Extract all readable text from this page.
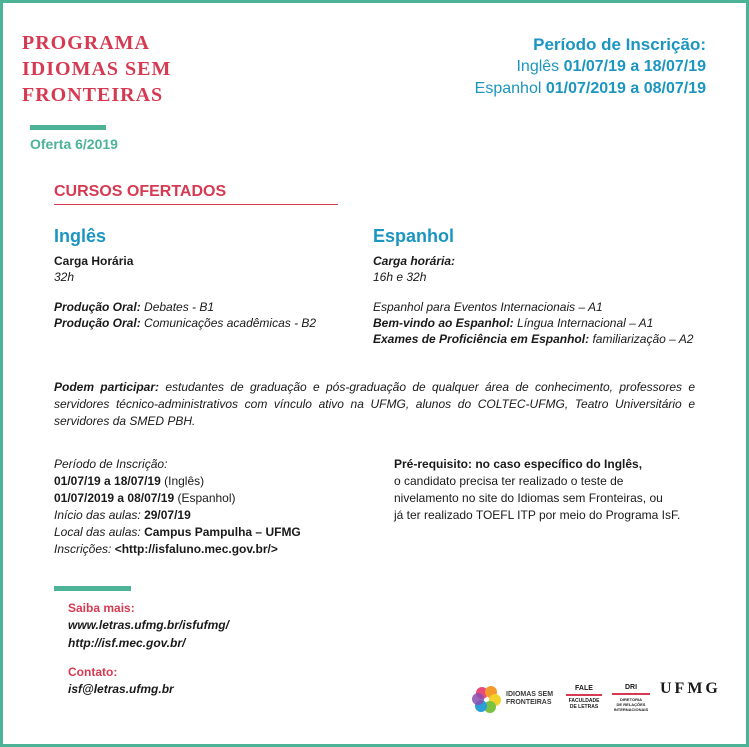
PROGRAMA
IDIOMAS SEM
FRONTEIRAS
Período de Inscrição:
Inglês 01/07/19 a 18/07/19
Espanhol 01/07/2019 a 08/07/19
Oferta 6/2019
CURSOS OFERTADOS
Inglês
Carga Horária
32h
Produção Oral: Debates - B1
Produção Oral: Comunicações acadêmicas - B2
Espanhol
Carga horária:
16h e 32h
Espanhol para Eventos Internacionais – A1
Bem-vindo ao Espanhol: Língua Internacional – A1
Exames de Proficiência em Espanhol: familiarização – A2
Podem participar: estudantes de graduação e pós-graduação de qualquer área de conhecimento, professores e servidores técnico-administrativos com vínculo ativo na UFMG, alunos do COLTEC-UFMG, Teatro Universitário e servidores da SMED PBH.
Período de Inscrição:
01/07/19 a 18/07/19 (Inglês)
01/07/2019 a 08/07/19 (Espanhol)
Início das aulas: 29/07/19
Local das aulas: Campus Pampulha – UFMG
Inscrições: <http://isfaluno.mec.gov.br/>
Pré-requisito: no caso específico do Inglês,
o candidato precisa ter realizado o teste de
nivelamento no site do Idiomas sem Fronteiras, ou
já ter realizado TOEFL ITP por meio do Programa IsF.
Saiba mais:
www.letras.ufmg.br/isfufmg/
http://isf.mec.gov.br/
Contato:
isf@letras.ufmg.br	IDIOMAS SEM
FRONTEIRAS
FALE
FACULDADE
DE LETRAS
DRI
DIRETORIA
DE RELAÇÕES
INTERNACIONAIS
UFMG
